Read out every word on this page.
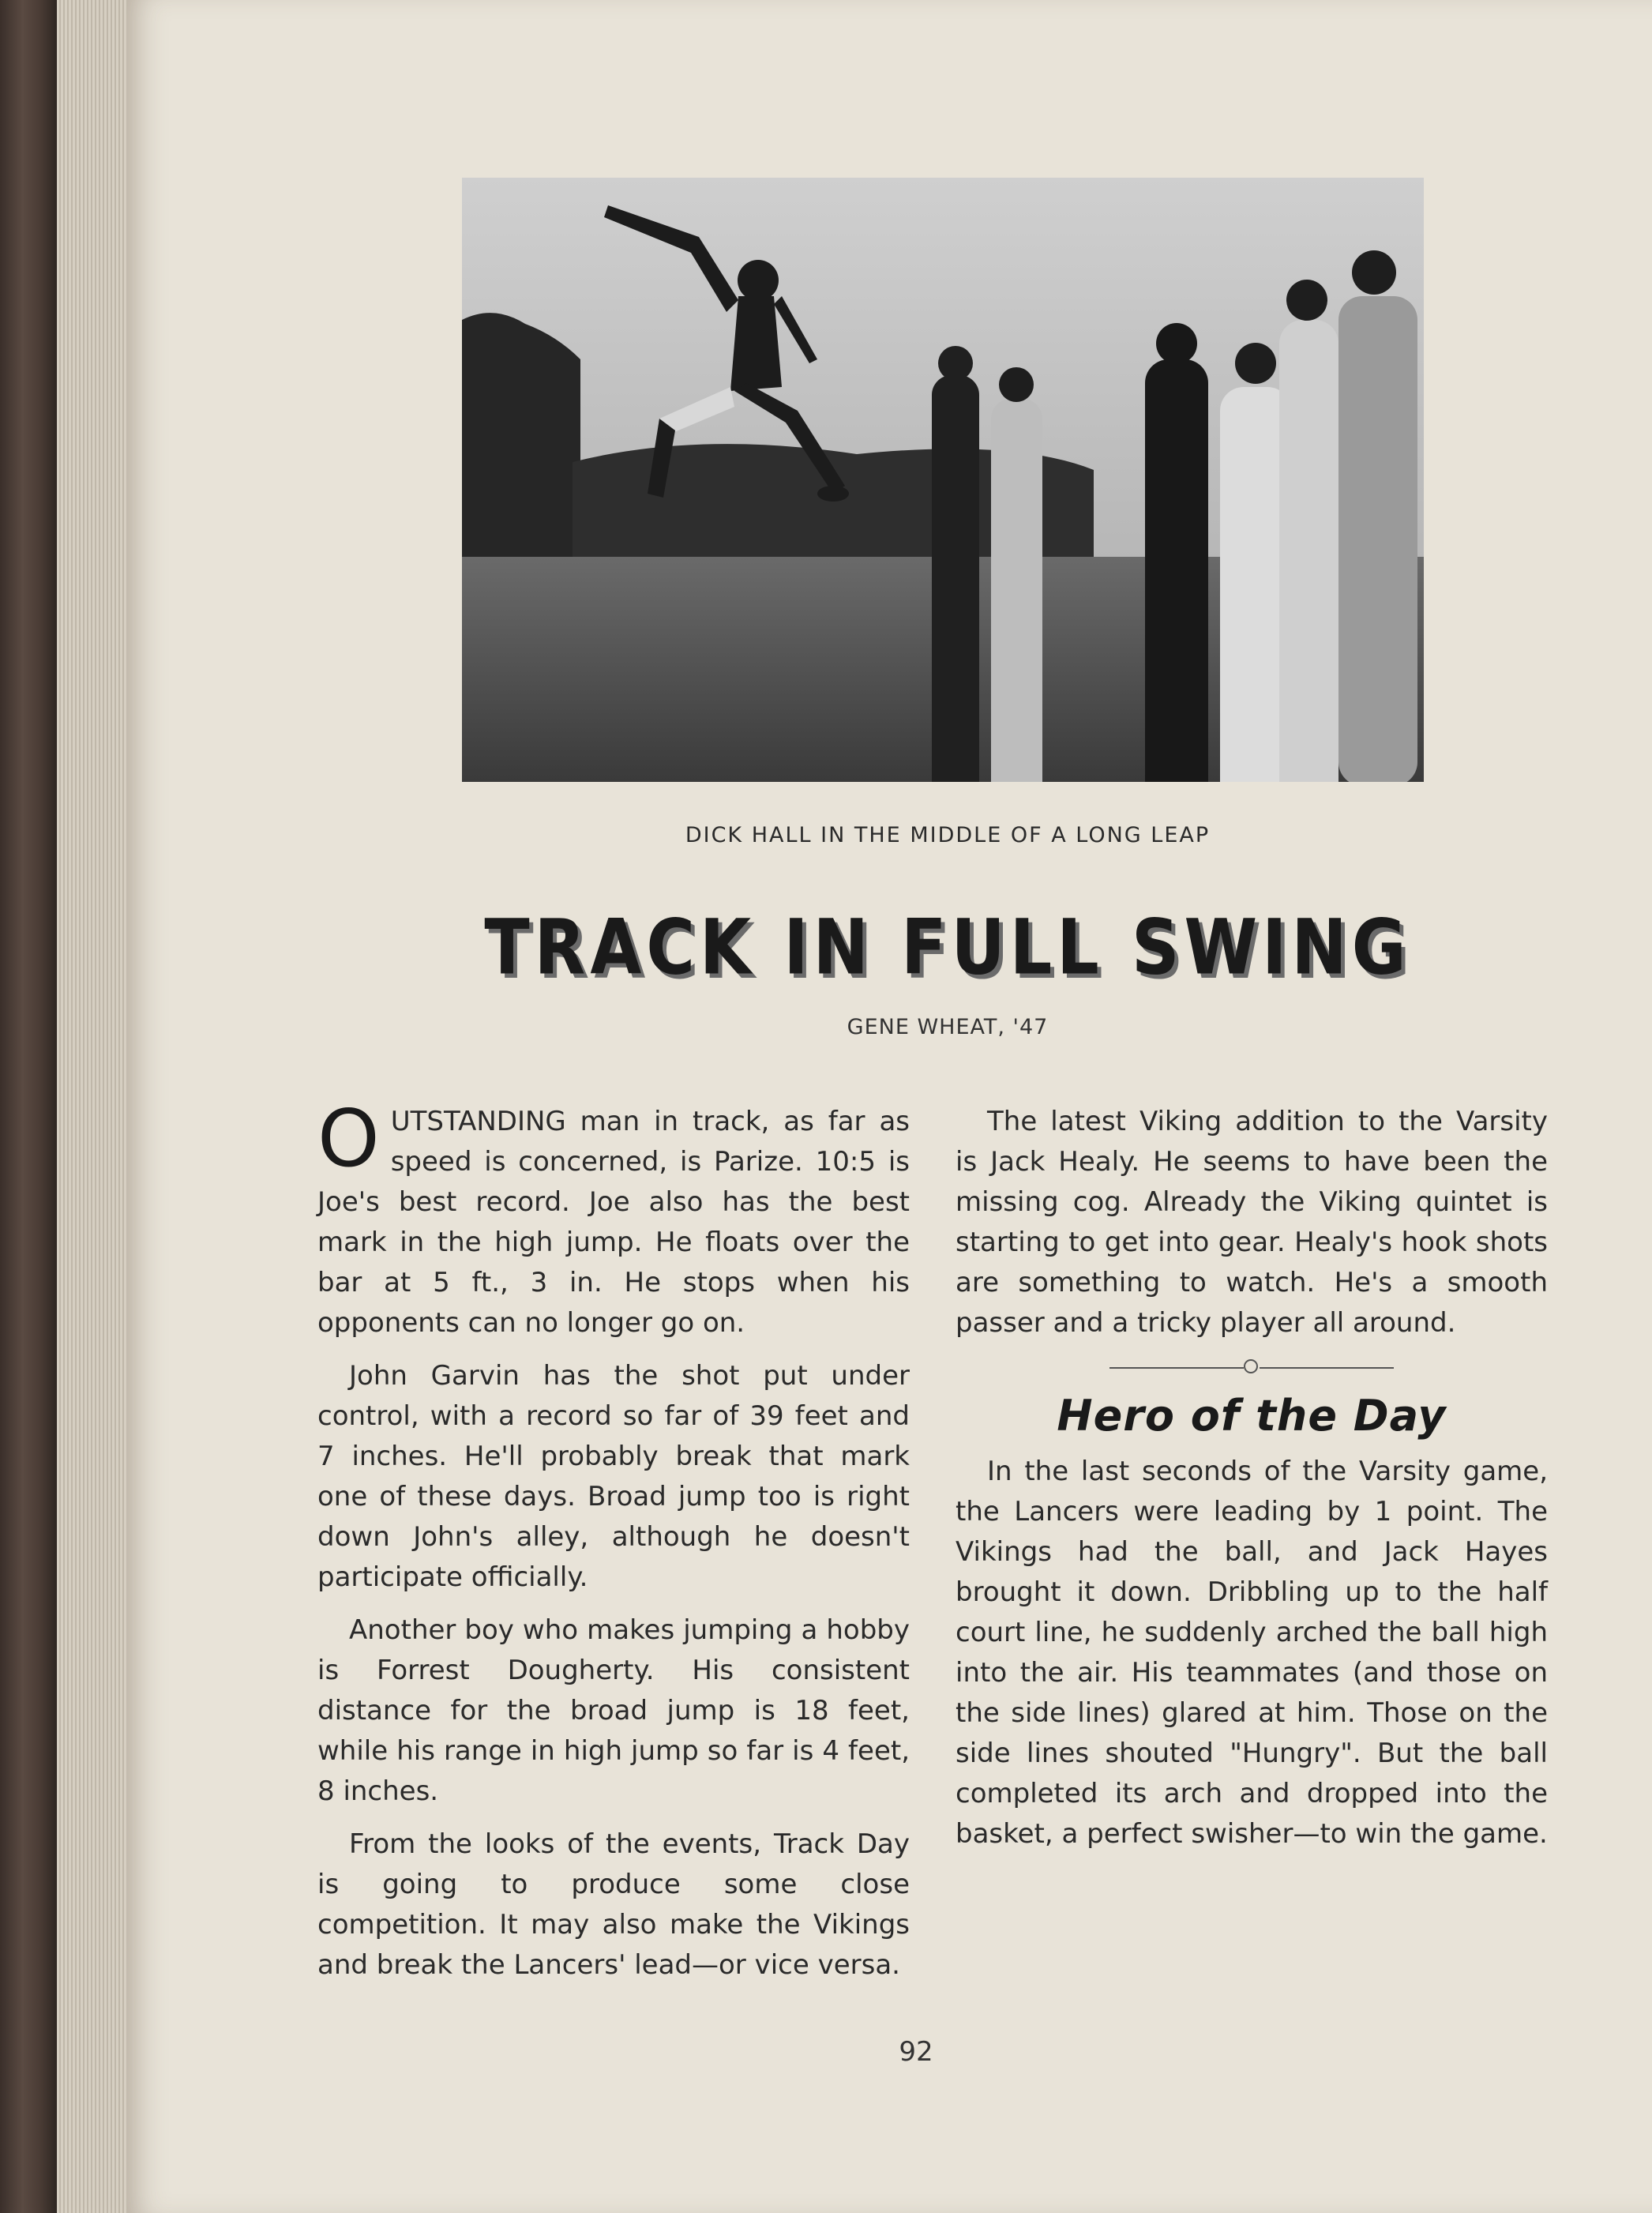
DICK HALL IN THE MIDDLE OF A LONG LEAP
TRACK IN FULL SWING
GENE WHEAT, '47

OUTSTANDING man in track, as far as speed is concerned, is Parize. 10:5 is Joe's best record. Joe also has the best mark in the high jump. He floats over the bar at 5 ft., 3 in. He stops when his opponents can no longer go on.

John Garvin has the shot put under control, with a record so far of 39 feet and 7 inches. He'll probably break that mark one of these days. Broad jump too is right down John's alley, although he doesn't participate officially.

Another boy who makes jumping a hobby is Forrest Dougherty. His consistent distance for the broad jump is 18 feet, while his range in high jump so far is 4 feet, 8 inches.

From the looks of the events, Track Day is going to produce some close competition. It may also make the Vikings and break the Lancers' lead—or vice versa.

The latest Viking addition to the Varsity is Jack Healy. He seems to have been the missing cog. Already the Viking quintet is starting to get into gear. Healy's hook shots are something to watch. He's a smooth passer and a tricky player all around.

Hero of the Day

In the last seconds of the Varsity game, the Lancers were leading by 1 point. The Vikings had the ball, and Jack Hayes brought it down. Dribbling up to the half court line, he suddenly arched the ball high into the air. His teammates (and those on the side lines) glared at him. Those on the side lines shouted "Hungry". But the ball completed its arch and dropped into the basket, a perfect swisher—to win the game.

92
